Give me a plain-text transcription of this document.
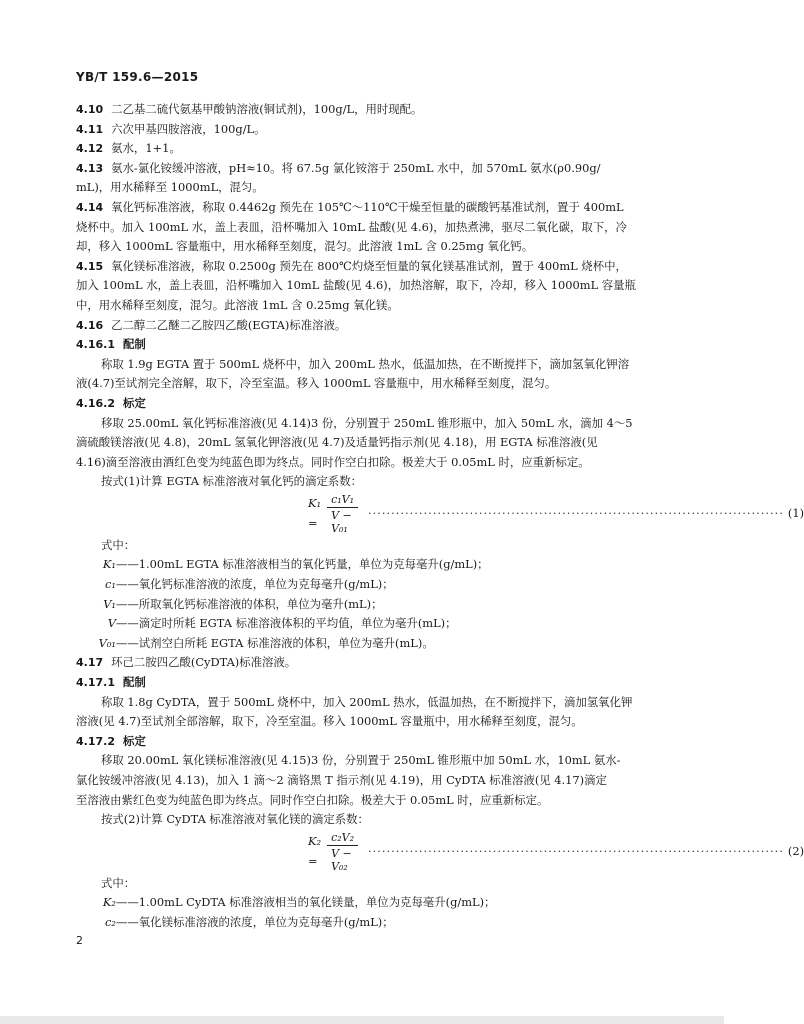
YB/T 159.6—2015
4.10 二乙基二硫代氨基甲酸钠溶液(铜试剂)，100g/L，用时现配。
4.11 六次甲基四胺溶液，100g/L。
4.12 氨水，1+1。
4.13 氨水-氯化铵缓冲溶液，pH≈10。将 67.5g 氯化铵溶于 250mL 水中，加 570mL 氨水(ρ0.90g/
mL)，用水稀释至 1000mL，混匀。
4.14 氧化钙标准溶液，称取 0.4462g 预先在 105℃～110℃干燥至恒量的碳酸钙基准试剂，置于 400mL
烧杯中。加入 100mL 水，盖上表皿，沿杯嘴加入 10mL 盐酸(见 4.6)，加热煮沸，驱尽二氧化碳，取下，冷
却，移入 1000mL 容量瓶中，用水稀释至刻度，混匀。此溶液 1mL 含 0.25mg 氧化钙。
4.15 氧化镁标准溶液，称取 0.2500g 预先在 800℃灼烧至恒量的氧化镁基准试剂，置于 400mL 烧杯中，
加入 100mL 水，盖上表皿，沿杯嘴加入 10mL 盐酸(见 4.6)，加热溶解，取下，冷却，移入 1000mL 容量瓶
中，用水稀释至刻度，混匀。此溶液 1mL 含 0.25mg 氧化镁。
4.16 乙二醇二乙醚二乙胺四乙酸(EGTA)标准溶液。
4.16.1 配制
称取 1.9g EGTA 置于 500mL 烧杯中，加入 200mL 热水，低温加热，在不断搅拌下，滴加氢氧化钾溶
液(4.7)至试剂完全溶解，取下，冷至室温。移入 1000mL 容量瓶中，用水稀释至刻度，混匀。
4.16.2 标定
移取 25.00mL 氧化钙标准溶液(见 4.14)3 份，分别置于 250mL 锥形瓶中，加入 50mL 水，滴加 4～5
滴硫酸镁溶液(见 4.8)，20mL 氢氧化钾溶液(见 4.7)及适量钙指示剂(见 4.18)，用 EGTA 标准溶液(见
4.16)滴至溶液由酒红色变为纯蓝色即为终点。同时作空白扣除。极差大于 0.05mL 时，应重新标定。
按式(1)计算 EGTA 标准溶液对氧化钙的滴定系数：
$K_1 = \frac{\text{c₁V₁}}{\text{V − V₀₁}}$ ·························································································· (1)
式中：
K₁ —— 1.00mL EGTA 标准溶液相当的氧化钙量，单位为克每毫升(g/mL)；
c₁ —— 氧化钙标准溶液的浓度，单位为克每毫升(g/mL)；
V₁ —— 所取氧化钙标准溶液的体积，单位为毫升(mL)；
V —— 滴定时所耗 EGTA 标准溶液体积的平均值，单位为毫升(mL)；
V₀₁ —— 试剂空白所耗 EGTA 标准溶液的体积，单位为毫升(mL)。
4.17 环己二胺四乙酸(CyDTA)标准溶液。
4.17.1 配制
称取 1.8g CyDTA，置于 500mL 烧杯中，加入 200mL 热水，低温加热，在不断搅拌下，滴加氢氧化钾
溶液(见 4.7)至试剂全部溶解，取下，冷至室温。移入 1000mL 容量瓶中，用水稀释至刻度，混匀。
4.17.2 标定
移取 20.00mL 氧化镁标准溶液(见 4.15)3 份，分别置于 250mL 锥形瓶中加 50mL 水，10mL 氨水-
氯化铵缓冲溶液(见 4.13)，加入 1 滴～2 滴铬黑 T 指示剂(见 4.19)，用 CyDTA 标准溶液(见 4.17)滴定
至溶液由紫红色变为纯蓝色即为终点。同时作空白扣除。极差大于 0.05mL 时，应重新标定。
按式(2)计算 CyDTA 标准溶液对氧化镁的滴定系数：
$K_2 = \frac{\text{c₂V₂}}{\text{V − V₀₂}}$ ·························································································· (2)
式中：
K₂ —— 1.00mL CyDTA 标准溶液相当的氧化镁量，单位为克每毫升(g/mL)；
c₂ —— 氧化镁标准溶液的浓度，单位为克每毫升(g/mL)；
2
